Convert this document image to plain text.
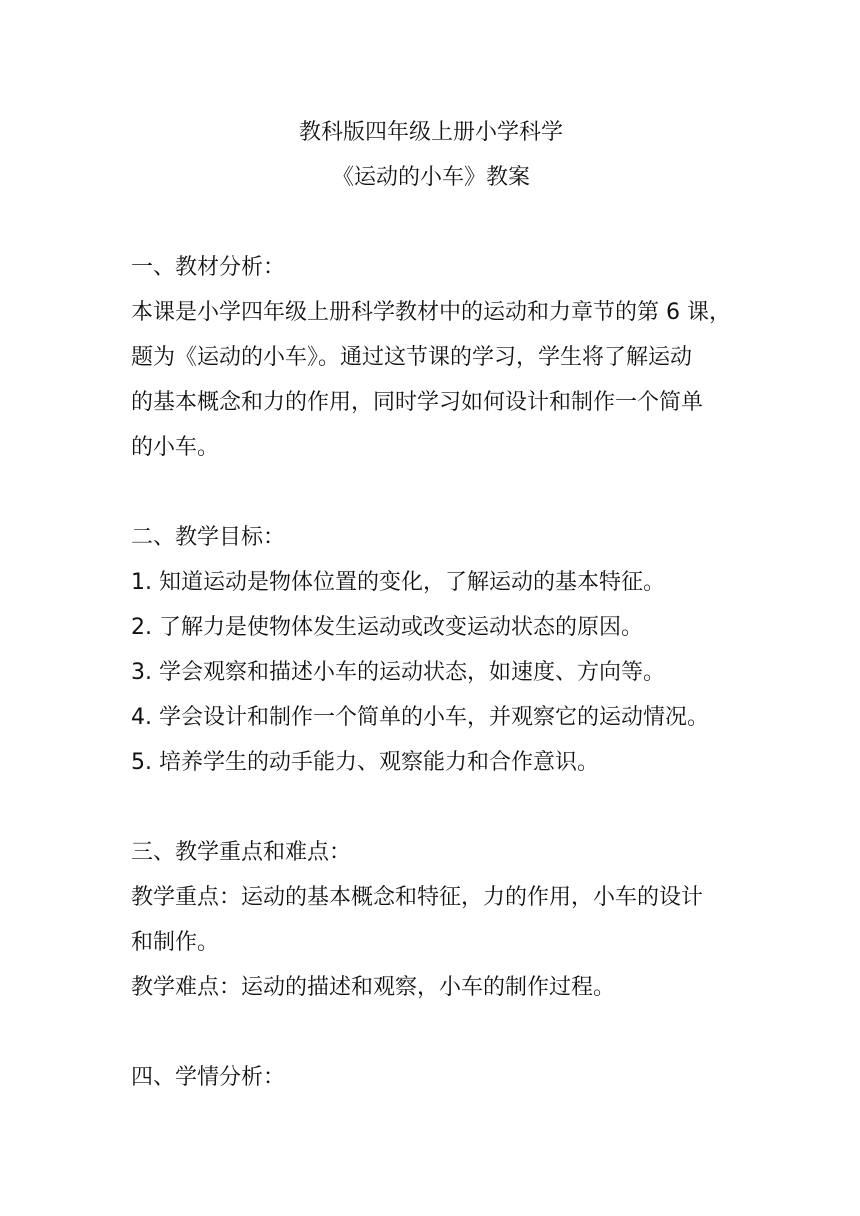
教科版四年级上册小学科学

《运动的小车》教案

一、教材分析：

本课是小学四年级上册科学教材中的运动和力章节的第 6 课，

题为《运动的小车》。通过这节课的学习，学生将了解运动

的基本概念和力的作用，同时学习如何设计和制作一个简单

的小车。

二、教学目标：

1. 知道运动是物体位置的变化，了解运动的基本特征。

2. 了解力是使物体发生运动或改变运动状态的原因。

3. 学会观察和描述小车的运动状态，如速度、方向等。

4. 学会设计和制作一个简单的小车，并观察它的运动情况。

5. 培养学生的动手能力、观察能力和合作意识。

三、教学重点和难点：

教学重点：运动的基本概念和特征，力的作用，小车的设计

和制作。

教学难点：运动的描述和观察，小车的制作过程。

四、学情分析：
